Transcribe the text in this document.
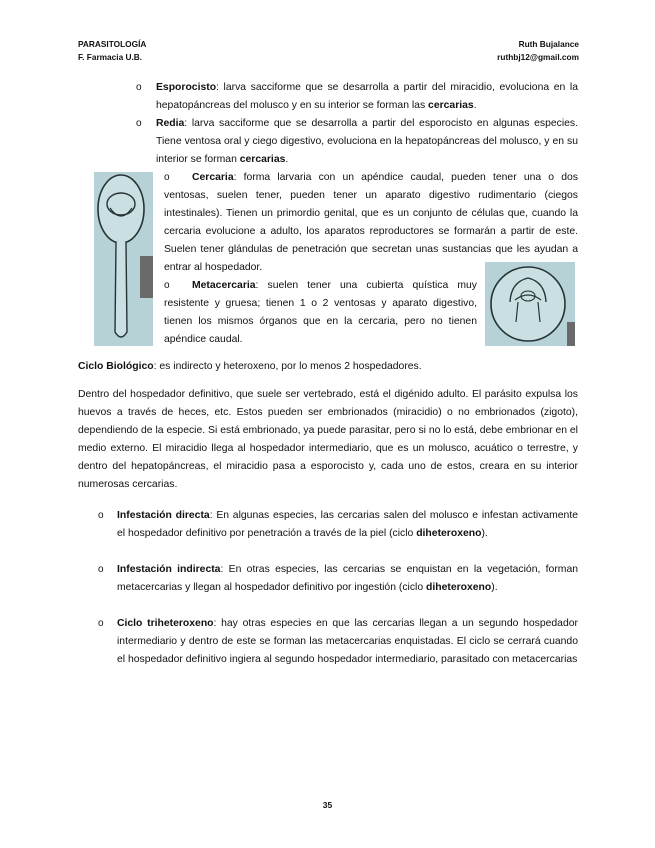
PARASITOLOGÍA
F. Farmacia U.B.
Ruth Bujalance
ruthbj12@gmail.com
o Esporocisto: larva sacciforme que se desarrolla a partir del miracidio, evoluciona en la hepatopáncreas del molusco y en su interior se forman las cercarias.

o Redia: larva sacciforme que se desarrolla a partir del esporocisto en algunas especies. Tiene ventosa oral y ciego digestivo, evoluciona en la hepatopáncreas del molusco, y en su interior se forman cercarias.

o	Cercaria: forma larvaria con un apéndice caudal, pueden tener una o dos ventosas, suelen tener, pueden tener un aparato digestivo rudimentario (ciegos intestinales). Tienen un primordio genital, que es un conjunto de células que, cuando la cercaria evolucione a adulto, los aparatos reproductores se formarán a partir de este. Suelen tener glándulas de penetración que secretan unas sustancias que les ayudan a entrar al hospedador.

o	Metacercaria: suelen tener una cubierta quística muy resistente y gruesa; tienen 1 o 2 ventosas y aparato digestivo, tienen los mismos órganos que en la cercaria, pero no tienen apéndice caudal.

Ciclo Biológico: es indirecto y heteroxeno, por lo menos 2 hospedadores.

Dentro del hospedador definitivo, que suele ser vertebrado, está el digénido adulto. El parásito expulsa los huevos a través de heces, etc. Estos pueden ser embrionados (miracidio) o no embrionados (zigoto), dependiendo de la especie. Si está embrionado, ya puede parasitar, pero si no lo está, debe embrionar en el medio externo. El miracidio llega al hospedador intermediario, que es un molusco, acuático o terrestre, y dentro del hepatopáncreas, el miracidio pasa a esporocisto y, cada uno de estos, creara en su interior numerosas cercarias.

o Infestación directa: En algunas especies, las cercarias salen del molusco e infestan activamente el hospedador definitivo por penetración a través de la piel (ciclo diheteroxeno).

o Infestación indirecta: En otras especies, las cercarias se enquistan en la vegetación, forman metacercarias y llegan al hospedador definitivo por ingestión (ciclo diheteroxeno).

o Ciclo triheteroxeno: hay otras especies en que las cercarias llegan a un segundo hospedador intermediario y dentro de este se forman las metacercarias enquistadas. El ciclo se cerrará cuando el hospedador definitivo ingiera al segundo hospedador intermediario, parasitado con metacercarias

35
